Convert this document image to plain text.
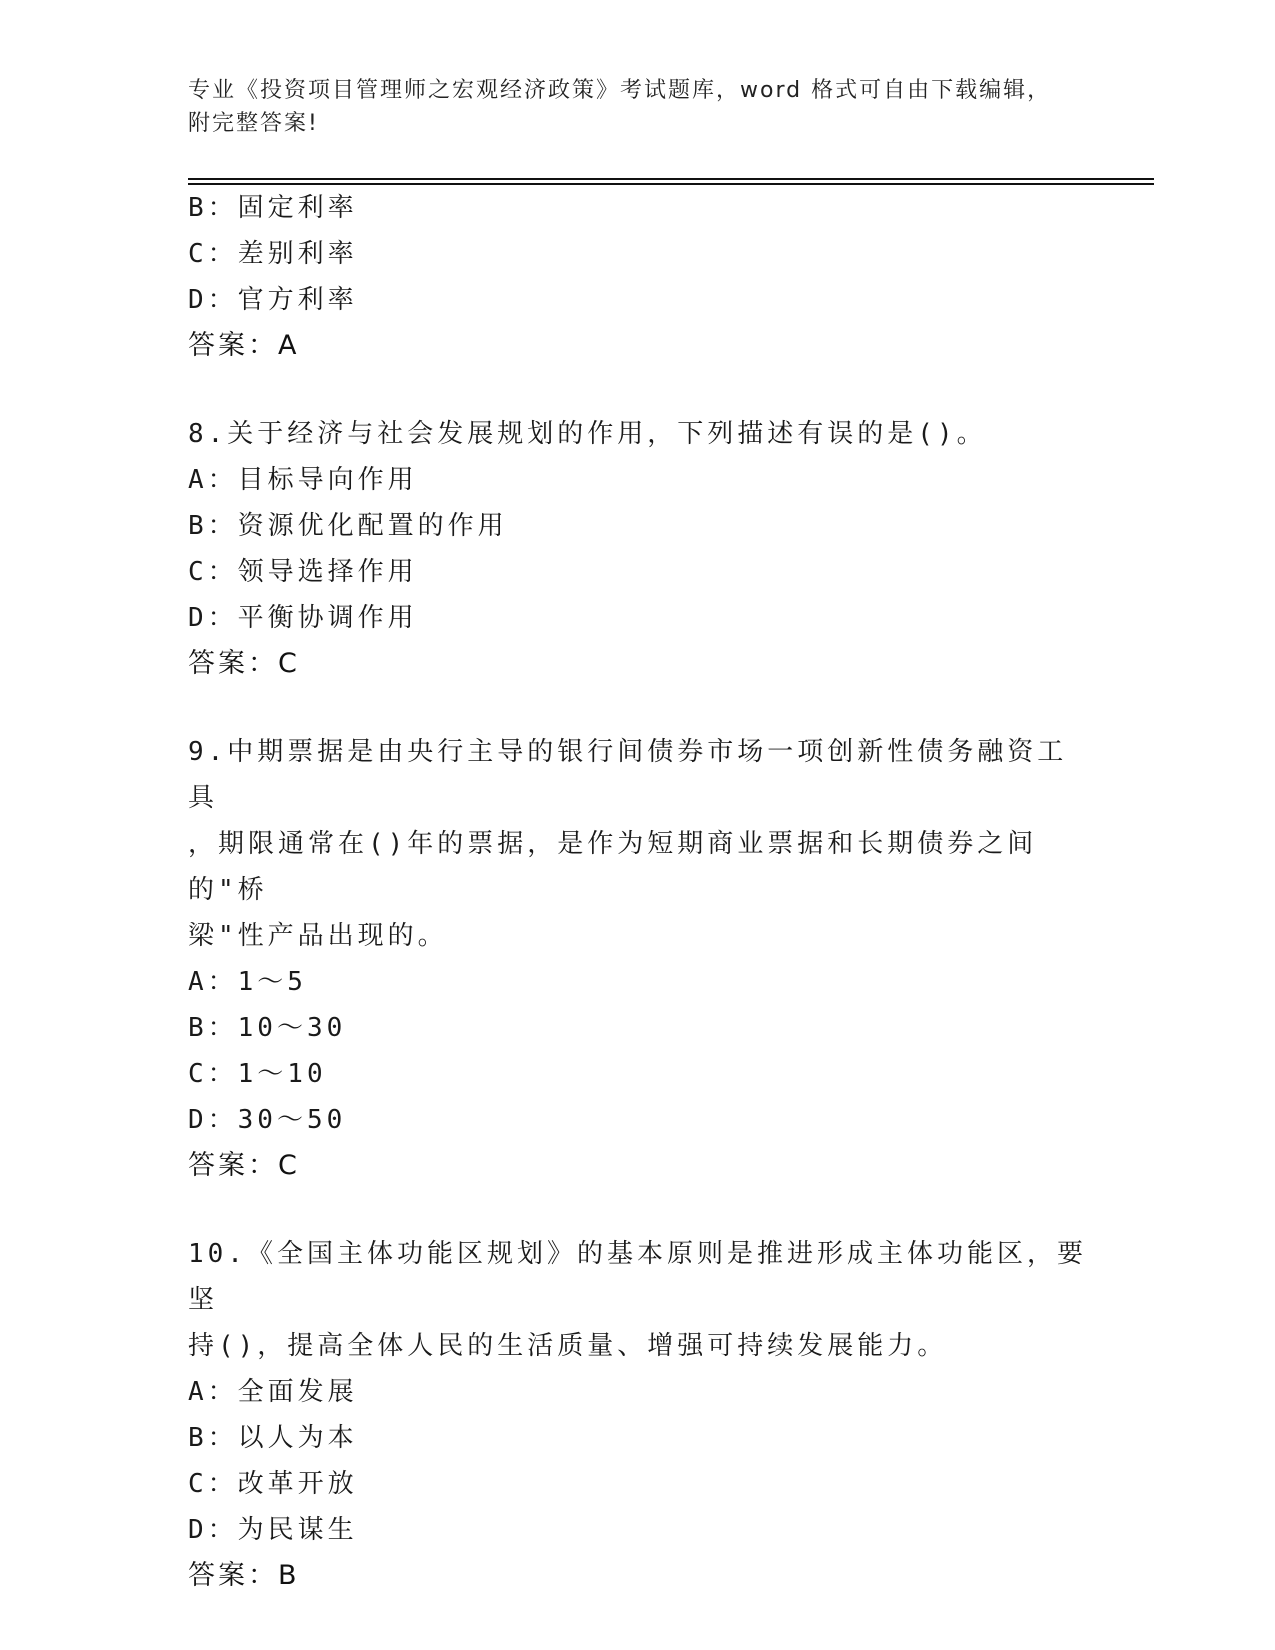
专业《投资项目管理师之宏观经济政策》考试题库，word 格式可自由下载编辑，
附完整答案!
B：固定利率
C：差别利率
D：官方利率
答案：A
8.关于经济与社会发展规划的作用，下列描述有误的是()。
A：目标导向作用
B：资源优化配置的作用
C：领导选择作用
D：平衡协调作用
答案：C
9.中期票据是由央行主导的银行间债券市场一项创新性债务融资工具
，期限通常在()年的票据，是作为短期商业票据和长期债券之间的"桥
梁"性产品出现的。
A：1～5
B：10～30
C：1～10
D：30～50
答案：C
10.《全国主体功能区规划》的基本原则是推进形成主体功能区，要坚
持()，提高全体人民的生活质量、增强可持续发展能力。
A：全面发展
B：以人为本
C：改革开放
D：为民谋生
答案：B
